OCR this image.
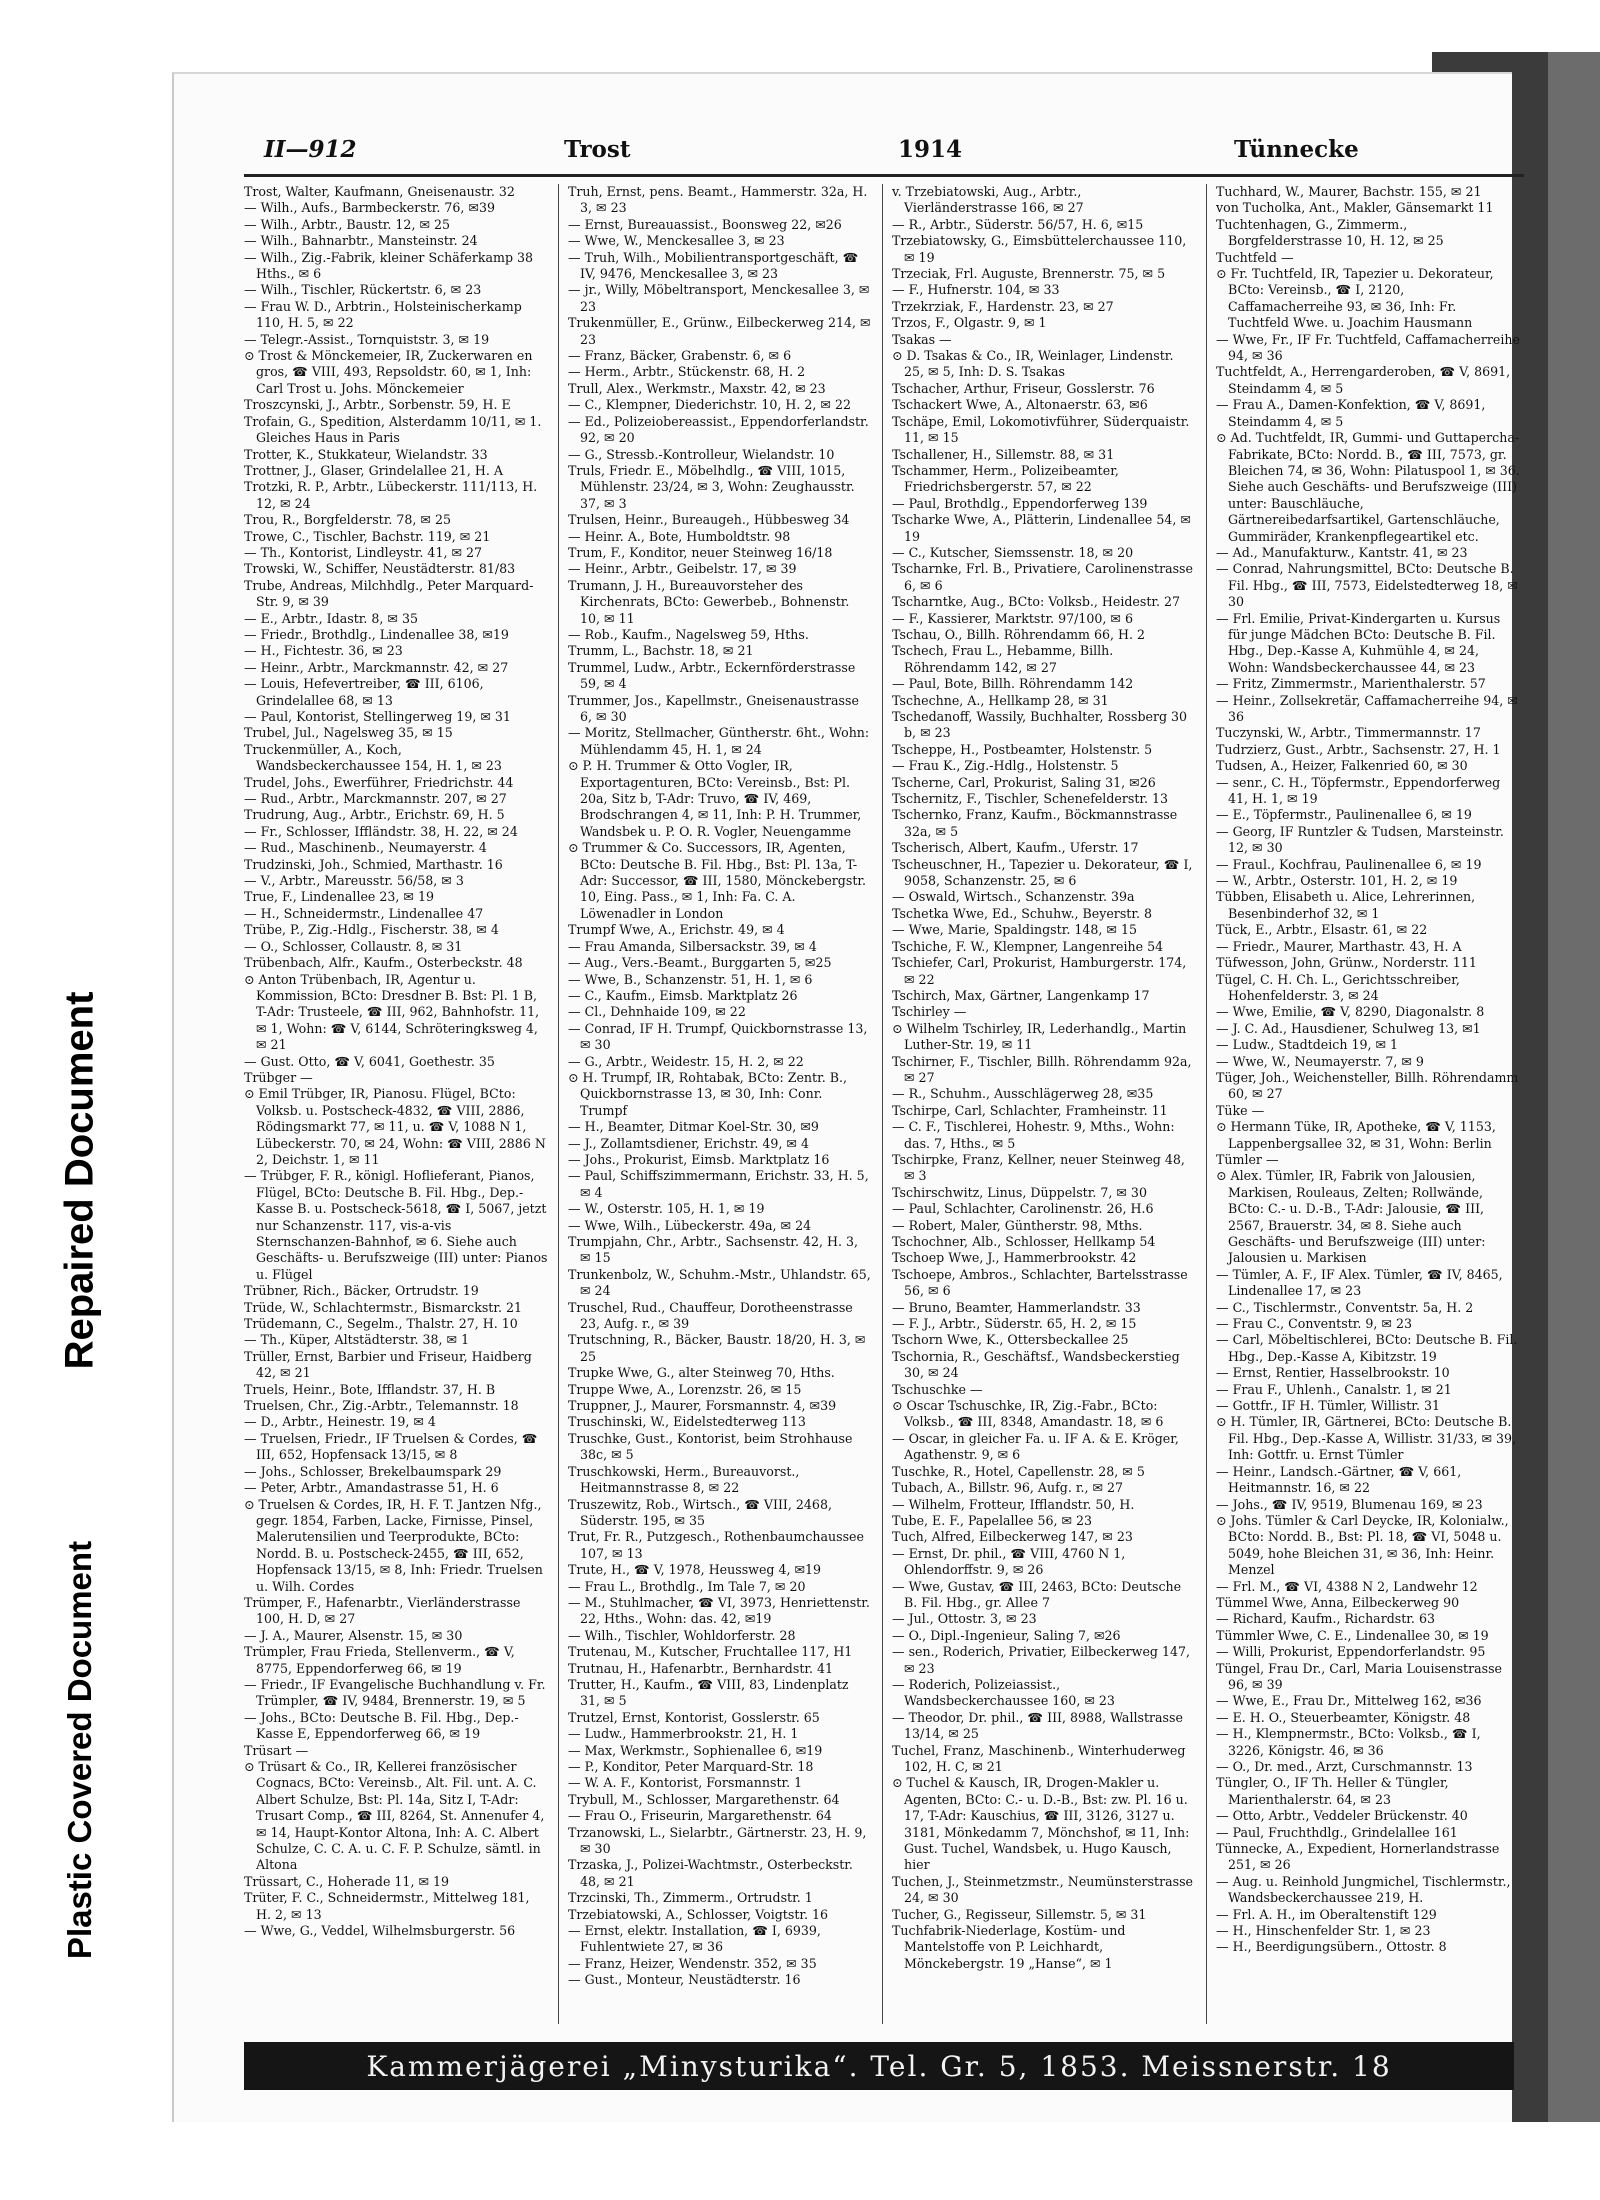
Repaired Document
Plastic Covered Document
II—912	Trost	1914	Tünnecke

Trost, Walter, Kaufmann, Gneisenaustr. 32

— Wilh., Aufs., Barmbeckerstr. 76, ✉39

— Wilh., Arbtr., Baustr. 12, ✉ 25

— Wilh., Bahnarbtr., Mansteinstr. 24

— Wilh., Zig.-Fabrik, kleiner Schäferkamp 38 Hths., ✉ 6

— Wilh., Tischler, Rückertstr. 6, ✉ 23

— Frau W. D., Arbtrin., Holsteinischerkamp 110, H. 5, ✉ 22

— Telegr.-Assist., Tornquiststr. 3, ✉ 19

⊙ Trost & Mönckemeier, IR, Zuckerwaren en gros, ☎ VIII, 493, Repsoldstr. 60, ✉ 1, Inh: Carl Trost u. Johs. Mönckemeier

Troszcynski, J., Arbtr., Sorbenstr. 59, H. E

Trofain, G., Spedition, Alsterdamm 10/11, ✉ 1. Gleiches Haus in Paris

Trotter, K., Stukkateur, Wielandstr. 33

Trottner, J., Glaser, Grindelallee 21, H. A

Trotzki, R. P., Arbtr., Lübeckerstr. 111/113, H. 12, ✉ 24

Trou, R., Borgfelderstr. 78, ✉ 25

Trowe, C., Tischler, Bachstr. 119, ✉ 21

— Th., Kontorist, Lindleystr. 41, ✉ 27

Trowski, W., Schiffer, Neustädterstr. 81/83

Trube, Andreas, Milchhdlg., Peter Marquard-Str. 9, ✉ 39

— E., Arbtr., Idastr. 8, ✉ 35

— Friedr., Brothdlg., Lindenallee 38, ✉19

— H., Fichtestr. 36, ✉ 23

— Heinr., Arbtr., Marckmannstr. 42, ✉ 27

— Louis, Hefevertreiber, ☎ III, 6106, Grindelallee 68, ✉ 13

— Paul, Kontorist, Stellingerweg 19, ✉ 31

Trubel, Jul., Nagelsweg 35, ✉ 15

Truckenmüller, A., Koch, Wandsbeckerchaussee 154, H. 1, ✉ 23

Trudel, Johs., Ewerführer, Friedrichstr. 44

— Rud., Arbtr., Marckmannstr. 207, ✉ 27

Trudrung, Aug., Arbtr., Erichstr. 69, H. 5

— Fr., Schlosser, Iffländstr. 38, H. 22, ✉ 24

— Rud., Maschinenb., Neumayerstr. 4

Trudzinski, Joh., Schmied, Marthastr. 16

— V., Arbtr., Mareusstr. 56/58, ✉ 3

True, F., Lindenallee 23, ✉ 19

— H., Schneidermstr., Lindenallee 47

Trübe, P., Zig.-Hdlg., Fischerstr. 38, ✉ 4

— O., Schlosser, Collaustr. 8, ✉ 31

Trübenbach, Alfr., Kaufm., Osterbeckstr. 48

⊙ Anton Trübenbach, IR, Agentur u. Kommission, BCto: Dresdner B. Bst: Pl. 1 B, T-Adr: Trusteele, ☎ III, 962, Bahnhofstr. 11, ✉ 1, Wohn: ☎ V, 6144, Schröteringksweg 4, ✉ 21

— Gust. Otto, ☎ V, 6041, Goethestr. 35

Trübger —

⊙ Emil Trübger, IR, Pianosu. Flügel, BCto: Volksb. u. Postscheck-4832, ☎ VIII, 2886, Rödingsmarkt 77, ✉ 11, u. ☎ V, 1088 N 1, Lübeckerstr. 70, ✉ 24, Wohn: ☎ VIII, 2886 N 2, Deichstr. 1, ✉ 11

— Trübger, F. R., königl. Hoflieferant, Pianos, Flügel, BCto: Deutsche B. Fil. Hbg., Dep.-Kasse B. u. Postscheck-5618, ☎ I, 5067, jetzt nur Schanzenstr. 117, vis-a-vis Sternschanzen-Bahnhof, ✉ 6. Siehe auch Geschäfts- u. Berufszweige (III) unter: Pianos u. Flügel

Trübner, Rich., Bäcker, Ortrudstr. 19

Trüde, W., Schlachtermstr., Bismarckstr. 21

Trüdemann, C., Segelm., Thalstr. 27, H. 10

— Th., Küper, Altstädterstr. 38, ✉ 1

Trüller, Ernst, Barbier und Friseur, Haidberg 42, ✉ 21

Truels, Heinr., Bote, Ifflandstr. 37, H. B

Truelsen, Chr., Zig.-Arbtr., Telemannstr. 18

— D., Arbtr., Heinestr. 19, ✉ 4

— Truelsen, Friedr., IF Truelsen & Cordes, ☎ III, 652, Hopfensack 13/15, ✉ 8

— Johs., Schlosser, Brekelbaumspark 29

— Peter, Arbtr., Amandastrasse 51, H. 6

⊙ Truelsen & Cordes, IR, H. F. T. Jantzen Nfg., gegr. 1854, Farben, Lacke, Firnisse, Pinsel, Malerutensilien und Teerprodukte, BCto: Nordd. B. u. Postscheck-2455, ☎ III, 652, Hopfensack 13/15, ✉ 8, Inh: Friedr. Truelsen u. Wilh. Cordes

Trümper, F., Hafenarbtr., Vierländerstrasse 100, H. D, ✉ 27

— J. A., Maurer, Alsenstr. 15, ✉ 30

Trümpler, Frau Frieda, Stellenverm., ☎ V, 8775, Eppendorferweg 66, ✉ 19

— Friedr., IF Evangelische Buchhandlung v. Fr. Trümpler, ☎ IV, 9484, Brennerstr. 19, ✉ 5

— Johs., BCto: Deutsche B. Fil. Hbg., Dep.-Kasse E, Eppendorferweg 66, ✉ 19

Trüsart —

⊙ Trüsart & Co., IR, Kellerei französischer Cognacs, BCto: Vereinsb., Alt. Fil. unt. A. C. Albert Schulze, Bst: Pl. 14a, Sitz I, T-Adr: Trusart Comp., ☎ III, 8264, St. Annenufer 4, ✉ 14, Haupt-Kontor Altona, Inh: A. C. Albert Schulze, C. C. A. u. C. F. P. Schulze, sämtl. in Altona

Trüssart, C., Hoherade 11, ✉ 19

Trüter, F. C., Schneidermstr., Mittelweg 181, H. 2, ✉ 13

— Wwe, G., Veddel, Wilhelmsburgerstr. 56

Truh, Ernst, pens. Beamt., Hammerstr. 32a, H. 3, ✉ 23

— Ernst, Bureauassist., Boonsweg 22, ✉26

— Wwe, W., Menckesallee 3, ✉ 23

— Truh, Wilh., Mobilientransportgeschäft, ☎ IV, 9476, Menckesallee 3, ✉ 23

— jr., Willy, Möbeltransport, Menckesallee 3, ✉ 23

Trukenmüller, E., Grünw., Eilbeckerweg 214, ✉ 23

— Franz, Bäcker, Grabenstr. 6, ✉ 6

— Herm., Arbtr., Stückenstr. 68, H. 2

Trull, Alex., Werkmstr., Maxstr. 42, ✉ 23

— C., Klempner, Diederichstr. 10, H. 2, ✉ 22

— Ed., Polizeiobereassist., Eppendorferlandstr. 92, ✉ 20

— G., Stressb.-Kontrolleur, Wielandstr. 10

Truls, Friedr. E., Möbelhdlg., ☎ VIII, 1015, Mühlenstr. 23/24, ✉ 3, Wohn: Zeughausstr. 37, ✉ 3

Trulsen, Heinr., Bureaugeh., Hübbesweg 34

— Heinr. A., Bote, Humboldtstr. 98

Trum, F., Konditor, neuer Steinweg 16/18

— Heinr., Arbtr., Geibelstr. 17, ✉ 39

Trumann, J. H., Bureauvorsteher des Kirchenrats, BCto: Gewerbeb., Bohnenstr. 10, ✉ 11

— Rob., Kaufm., Nagelsweg 59, Hths.

Trumm, L., Bachstr. 18, ✉ 21

Trummel, Ludw., Arbtr., Eckernförderstrasse 59, ✉ 4

Trummer, Jos., Kapellmstr., Gneisenaustrasse 6, ✉ 30

— Moritz, Stellmacher, Güntherstr. 6ht., Wohn: Mühlendamm 45, H. 1, ✉ 24

⊙ P. H. Trummer & Otto Vogler, IR, Exportagenturen, BCto: Vereinsb., Bst: Pl. 20a, Sitz b, T-Adr: Truvo, ☎ IV, 469, Brodschrangen 4, ✉ 11, Inh: P. H. Trummer, Wandsbek u. P. O. R. Vogler, Neuengamme

⊙ Trummer & Co. Successors, IR, Agenten, BCto: Deutsche B. Fil. Hbg., Bst: Pl. 13a, T-Adr: Successor, ☎ III, 1580, Mönckebergstr. 10, Eing. Pass., ✉ 1, Inh: Fa. C. A. Löwenadler in London

Trumpf Wwe, A., Erichstr. 49, ✉ 4

— Frau Amanda, Silbersackstr. 39, ✉ 4

— Aug., Vers.-Beamt., Burggarten 5, ✉25

— Wwe, B., Schanzenstr. 51, H. 1, ✉ 6

— C., Kaufm., Eimsb. Marktplatz 26

— Cl., Dehnhaide 109, ✉ 22

— Conrad, IF H. Trumpf, Quickbornstrasse 13, ✉ 30

— G., Arbtr., Weidestr. 15, H. 2, ✉ 22

⊙ H. Trumpf, IR, Rohtabak, BCto: Zentr. B., Quickbornstrasse 13, ✉ 30, Inh: Conr. Trumpf

— H., Beamter, Ditmar Koel-Str. 30, ✉9

— J., Zollamtsdiener, Erichstr. 49, ✉ 4

— Johs., Prokurist, Eimsb. Marktplatz 16

— Paul, Schiffszimmermann, Erichstr. 33, H. 5, ✉ 4

— W., Osterstr. 105, H. 1, ✉ 19

— Wwe, Wilh., Lübeckerstr. 49a, ✉ 24

Trumpjahn, Chr., Arbtr., Sachsenstr. 42, H. 3, ✉ 15

Trunkenbolz, W., Schuhm.-Mstr., Uhlandstr. 65, ✉ 24

Truschel, Rud., Chauffeur, Dorotheenstrasse 23, Aufg. r., ✉ 39

Trutschning, R., Bäcker, Baustr. 18/20, H. 3, ✉ 25

Trupke Wwe, G., alter Steinweg 70, Hths.

Truppe Wwe, A., Lorenzstr. 26, ✉ 15

Truppner, J., Maurer, Forsmannstr. 4, ✉39

Truschinski, W., Eidelstedterweg 113

Truschke, Gust., Kontorist, beim Strohhause 38c, ✉ 5

Truschkowski, Herm., Bureauvorst., Heitmannstrasse 8, ✉ 22

Truszewitz, Rob., Wirtsch., ☎ VIII, 2468, Süderstr. 195, ✉ 35

Trut, Fr. R., Putzgesch., Rothenbaumchaussee 107, ✉ 13

Trute, H., ☎ V, 1978, Heussweg 4, ✉19

— Frau L., Brothdlg., Im Tale 7, ✉ 20

— M., Stuhlmacher, ☎ VI, 3973, Henriettenstr. 22, Hths., Wohn: das. 42, ✉19

— Wilh., Tischler, Wohldorferstr. 28

Trutenau, M., Kutscher, Fruchtallee 117, H1

Trutnau, H., Hafenarbtr., Bernhardstr. 41

Trutter, H., Kaufm., ☎ VIII, 83, Lindenplatz 31, ✉ 5

Trutzel, Ernst, Kontorist, Gosslerstr. 65

— Ludw., Hammerbrookstr. 21, H. 1

— Max, Werkmstr., Sophienallee 6, ✉19

— P., Konditor, Peter Marquard-Str. 18

— W. A. F., Kontorist, Forsmannstr. 1

Trybull, M., Schlosser, Margarethenstr. 64

— Frau O., Friseurin, Margarethenstr. 64

Trzanowski, L., Sielarbtr., Gärtnerstr. 23, H. 9, ✉ 30

Trzaska, J., Polizei-Wachtmstr., Osterbeckstr. 48, ✉ 21

Trzcinski, Th., Zimmerm., Ortrudstr. 1

Trzebiatowski, A., Schlosser, Voigtstr. 16

— Ernst, elektr. Installation, ☎ I, 6939, Fuhlentwiete 27, ✉ 36

— Franz, Heizer, Wendenstr. 352, ✉ 35

— Gust., Monteur, Neustädterstr. 16

v. Trzebiatowski, Aug., Arbtr., Vierländerstrasse 166, ✉ 27

— R., Arbtr., Süderstr. 56/57, H. 6, ✉15

Trzebiatowsky, G., Eimsbüttelerchaussee 110, ✉ 19

Trzeciak, Frl. Auguste, Brennerstr. 75, ✉ 5

— F., Hufnerstr. 104, ✉ 33

Trzekrziak, F., Hardenstr. 23, ✉ 27

Trzos, F., Olgastr. 9, ✉ 1

Tsakas —

⊙ D. Tsakas & Co., IR, Weinlager, Lindenstr. 25, ✉ 5, Inh: D. S. Tsakas

Tschacher, Arthur, Friseur, Gosslerstr. 76

Tschackert Wwe, A., Altonaerstr. 63, ✉6

Tschäpe, Emil, Lokomotivführer, Süderquaistr. 11, ✉ 15

Tschallener, H., Sillemstr. 88, ✉ 31

Tschammer, Herm., Polizeibeamter, Friedrichsbergerstr. 57, ✉ 22

— Paul, Brothdlg., Eppendorferweg 139

Tscharke Wwe, A., Plätterin, Lindenallee 54, ✉ 19

— C., Kutscher, Siemssenstr. 18, ✉ 20

Tscharnke, Frl. B., Privatiere, Carolinenstrasse 6, ✉ 6

Tscharntke, Aug., BCto: Volksb., Heidestr. 27

— F., Kassierer, Marktstr. 97/100, ✉ 6

Tschau, O., Billh. Röhrendamm 66, H. 2

Tschech, Frau L., Hebamme, Billh. Röhrendamm 142, ✉ 27

— Paul, Bote, Billh. Röhrendamm 142

Tschechne, A., Hellkamp 28, ✉ 31

Tschedanoff, Wassily, Buchhalter, Rossberg 30 b, ✉ 23

Tscheppe, H., Postbeamter, Holstenstr. 5

— Frau K., Zig.-Hdlg., Holstenstr. 5

Tscherne, Carl, Prokurist, Saling 31, ✉26

Tschernitz, F., Tischler, Schenefelderstr. 13

Tschernko, Franz, Kaufm., Böckmannstrasse 32a, ✉ 5

Tscherisch, Albert, Kaufm., Uferstr. 17

Tscheuschner, H., Tapezier u. Dekorateur, ☎ I, 9058, Schanzenstr. 25, ✉ 6

— Oswald, Wirtsch., Schanzenstr. 39a

Tschetka Wwe, Ed., Schuhw., Beyerstr. 8

— Wwe, Marie, Spaldingstr. 148, ✉ 15

Tschiche, F. W., Klempner, Langenreihe 54

Tschiefer, Carl, Prokurist, Hamburgerstr. 174, ✉ 22

Tschirch, Max, Gärtner, Langenkamp 17

Tschirley —

⊙ Wilhelm Tschirley, IR, Lederhandlg., Martin Luther-Str. 19, ✉ 11

Tschirner, F., Tischler, Billh. Röhrendamm 92a, ✉ 27

— R., Schuhm., Ausschlägerweg 28, ✉35

Tschirpe, Carl, Schlachter, Framheinstr. 11

— C. F., Tischlerei, Hohestr. 9, Mths., Wohn: das. 7, Hths., ✉ 5

Tschirpke, Franz, Kellner, neuer Steinweg 48, ✉ 3

Tschirschwitz, Linus, Düppelstr. 7, ✉ 30

— Paul, Schlachter, Carolinenstr. 26, H.6

— Robert, Maler, Güntherstr. 98, Mths.

Tschochner, Alb., Schlosser, Hellkamp 54

Tschoep Wwe, J., Hammerbrookstr. 42

Tschoepe, Ambros., Schlachter, Bartelsstrasse 56, ✉ 6

— Bruno, Beamter, Hammerlandstr. 33

— F. J., Arbtr., Süderstr. 65, H. 2, ✉ 15

Tschorn Wwe, K., Ottersbeckallee 25

Tschornia, R., Geschäftsf., Wandsbeckerstieg 30, ✉ 24

Tschuschke —

⊙ Oscar Tschuschke, IR, Zig.-Fabr., BCto: Volksb., ☎ III, 8348, Amandastr. 18, ✉ 6

— Oscar, in gleicher Fa. u. IF A. & E. Kröger, Agathenstr. 9, ✉ 6

Tuschke, R., Hotel, Capellenstr. 28, ✉ 5

Tubach, A., Billstr. 96, Aufg. r., ✉ 27

— Wilhelm, Frotteur, Ifflandstr. 50, H.

Tube, E. F., Papelallee 56, ✉ 23

Tuch, Alfred, Eilbeckerweg 147, ✉ 23

— Ernst, Dr. phil., ☎ VIII, 4760 N 1, Ohlendorffstr. 9, ✉ 26

— Wwe, Gustav, ☎ III, 2463, BCto: Deutsche B. Fil. Hbg., gr. Allee 7

— Jul., Ottostr. 3, ✉ 23

— O., Dipl.-Ingenieur, Saling 7, ✉26

— sen., Roderich, Privatier, Eilbeckerweg 147, ✉ 23

— Roderich, Polizeiassist., Wandsbeckerchaussee 160, ✉ 23

— Theodor, Dr. phil., ☎ III, 8988, Wallstrasse 13/14, ✉ 25

Tuchel, Franz, Maschinenb., Winterhuderweg 102, H. C, ✉ 21

⊙ Tuchel & Kausch, IR, Drogen-Makler u. Agenten, BCto: C.- u. D.-B., Bst: zw. Pl. 16 u. 17, T-Adr: Kauschius, ☎ III, 3126, 3127 u. 3181, Mönkedamm 7, Mönchshof, ✉ 11, Inh: Gust. Tuchel, Wandsbek, u. Hugo Kausch, hier

Tuchen, J., Steinmetzmstr., Neumünsterstrasse 24, ✉ 30

Tucher, G., Regisseur, Sillemstr. 5, ✉ 31

Tuchfabrik-Niederlage, Kostüm- und Mantelstoffe von P. Leichhardt, Mönckebergstr. 19 „Hanse“, ✉ 1

Tuchhard, W., Maurer, Bachstr. 155, ✉ 21

von Tucholka, Ant., Makler, Gänsemarkt 11

Tuchtenhagen, G., Zimmerm., Borgfelderstrasse 10, H. 12, ✉ 25

Tuchtfeld —

⊙ Fr. Tuchtfeld, IR, Tapezier u. Dekorateur, BCto: Vereinsb., ☎ I, 2120, Caffamacherreihe 93, ✉ 36, Inh: Fr. Tuchtfeld Wwe. u. Joachim Hausmann

— Wwe, Fr., IF Fr. Tuchtfeld, Caffamacherreihe 94, ✉ 36

Tuchtfeldt, A., Herrengarderoben, ☎ V, 8691, Steindamm 4, ✉ 5

— Frau A., Damen-Konfektion, ☎ V, 8691, Steindamm 4, ✉ 5

⊙ Ad. Tuchtfeldt, IR, Gummi- und Guttapercha-Fabrikate, BCto: Nordd. B., ☎ III, 7573, gr. Bleichen 74, ✉ 36, Wohn: Pilatuspool 1, ✉ 36. Siehe auch Geschäfts- und Berufszweige (III) unter: Bauschläuche, Gärtnereibedarfsartikel, Gartenschläuche, Gummiräder, Krankenpflegeartikel etc.

— Ad., Manufakturw., Kantstr. 41, ✉ 23

— Conrad, Nahrungsmittel, BCto: Deutsche B. Fil. Hbg., ☎ III, 7573, Eidelstedterweg 18, ✉ 30

— Frl. Emilie, Privat-Kindergarten u. Kursus für junge Mädchen BCto: Deutsche B. Fil. Hbg., Dep.-Kasse A, Kuhmühle 4, ✉ 24, Wohn: Wandsbeckerchaussee 44, ✉ 23

— Fritz, Zimmermstr., Marienthalerstr. 57

— Heinr., Zollsekretär, Caffamacherreihe 94, ✉ 36

Tuczynski, W., Arbtr., Timmermannstr. 17

Tudrzierz, Gust., Arbtr., Sachsenstr. 27, H. 1

Tudsen, A., Heizer, Falkenried 60, ✉ 30

— senr., C. H., Töpfermstr., Eppendorferweg 41, H. 1, ✉ 19

— E., Töpfermstr., Paulinenallee 6, ✉ 19

— Georg, IF Runtzler & Tudsen, Marsteinstr. 12, ✉ 30

— Fraul., Kochfrau, Paulinenallee 6, ✉ 19

— W., Arbtr., Osterstr. 101, H. 2, ✉ 19

Tübben, Elisabeth u. Alice, Lehrerinnen, Besenbinderhof 32, ✉ 1

Tück, E., Arbtr., Elsastr. 61, ✉ 22

— Friedr., Maurer, Marthastr. 43, H. A

Tüfwesson, John, Grünw., Norderstr. 111

Tügel, C. H. Ch. L., Gerichtsschreiber, Hohenfelderstr. 3, ✉ 24

— Wwe, Emilie, ☎ V, 8290, Diagonalstr. 8

— J. C. Ad., Hausdiener, Schulweg 13, ✉1

— Ludw., Stadtdeich 19, ✉ 1

— Wwe, W., Neumayerstr. 7, ✉ 9

Tüger, Joh., Weichensteller, Billh. Röhrendamm 60, ✉ 27

Tüke —

⊙ Hermann Tüke, IR, Apotheke, ☎ V, 1153, Lappenbergsallee 32, ✉ 31, Wohn: Berlin

Tümler —

⊙ Alex. Tümler, IR, Fabrik von Jalousien, Markisen, Rouleaus, Zelten; Rollwände, BCto: C.- u. D.-B., T-Adr: Jalousie, ☎ III, 2567, Brauerstr. 34, ✉ 8. Siehe auch Geschäfts- und Berufszweige (III) unter: Jalousien u. Markisen

— Tümler, A. F., IF Alex. Tümler, ☎ IV, 8465, Lindenallee 17, ✉ 23

— C., Tischlermstr., Conventstr. 5a, H. 2

— Frau C., Conventstr. 9, ✉ 23

— Carl, Möbeltischlerei, BCto: Deutsche B. Fil. Hbg., Dep.-Kasse A, Kibitzstr. 19

— Ernst, Rentier, Hasselbrookstr. 10

— Frau F., Uhlenh., Canalstr. 1, ✉ 21

— Gottfr., IF H. Tümler, Willistr. 31

⊙ H. Tümler, IR, Gärtnerei, BCto: Deutsche B. Fil. Hbg., Dep.-Kasse A, Willistr. 31/33, ✉ 39, Inh: Gottfr. u. Ernst Tümler

— Heinr., Landsch.-Gärtner, ☎ V, 661, Heitmannstr. 16, ✉ 22

— Johs., ☎ IV, 9519, Blumenau 169, ✉ 23

⊙ Johs. Tümler & Carl Deycke, IR, Kolonialw., BCto: Nordd. B., Bst: Pl. 18, ☎ VI, 5048 u. 5049, hohe Bleichen 31, ✉ 36, Inh: Heinr. Menzel

— Frl. M., ☎ VI, 4388 N 2, Landwehr 12

Tümmel Wwe, Anna, Eilbeckerweg 90

— Richard, Kaufm., Richardstr. 63

Tümmler Wwe, C. E., Lindenallee 30, ✉ 19

— Willi, Prokurist, Eppendorferlandstr. 95

Tüngel, Frau Dr., Carl, Maria Louisenstrasse 96, ✉ 39

— Wwe, E., Frau Dr., Mittelweg 162, ✉36

— E. H. O., Steuerbeamter, Königstr. 48

— H., Klempnermstr., BCto: Volksb., ☎ I, 3226, Königstr. 46, ✉ 36

— O., Dr. med., Arzt, Curschmannstr. 13

Tüngler, O., IF Th. Heller & Tüngler, Marienthalerstr. 64, ✉ 23

— Otto, Arbtr., Veddeler Brückenstr. 40

— Paul, Fruchthdlg., Grindelallee 161

Tünnecke, A., Expedient, Hornerlandstrasse 251, ✉ 26

— Aug. u. Reinhold Jungmichel, Tischlermstr., Wandsbeckerchaussee 219, H.

— Frl. A. H., im Oberaltenstift 129

— H., Hinschenfelder Str. 1, ✉ 23

— H., Beerdigungsübern., Ottostr. 8

Kammerjägerei „Minysturika“. Tel. Gr. 5, 1853. Meissnerstr. 18
